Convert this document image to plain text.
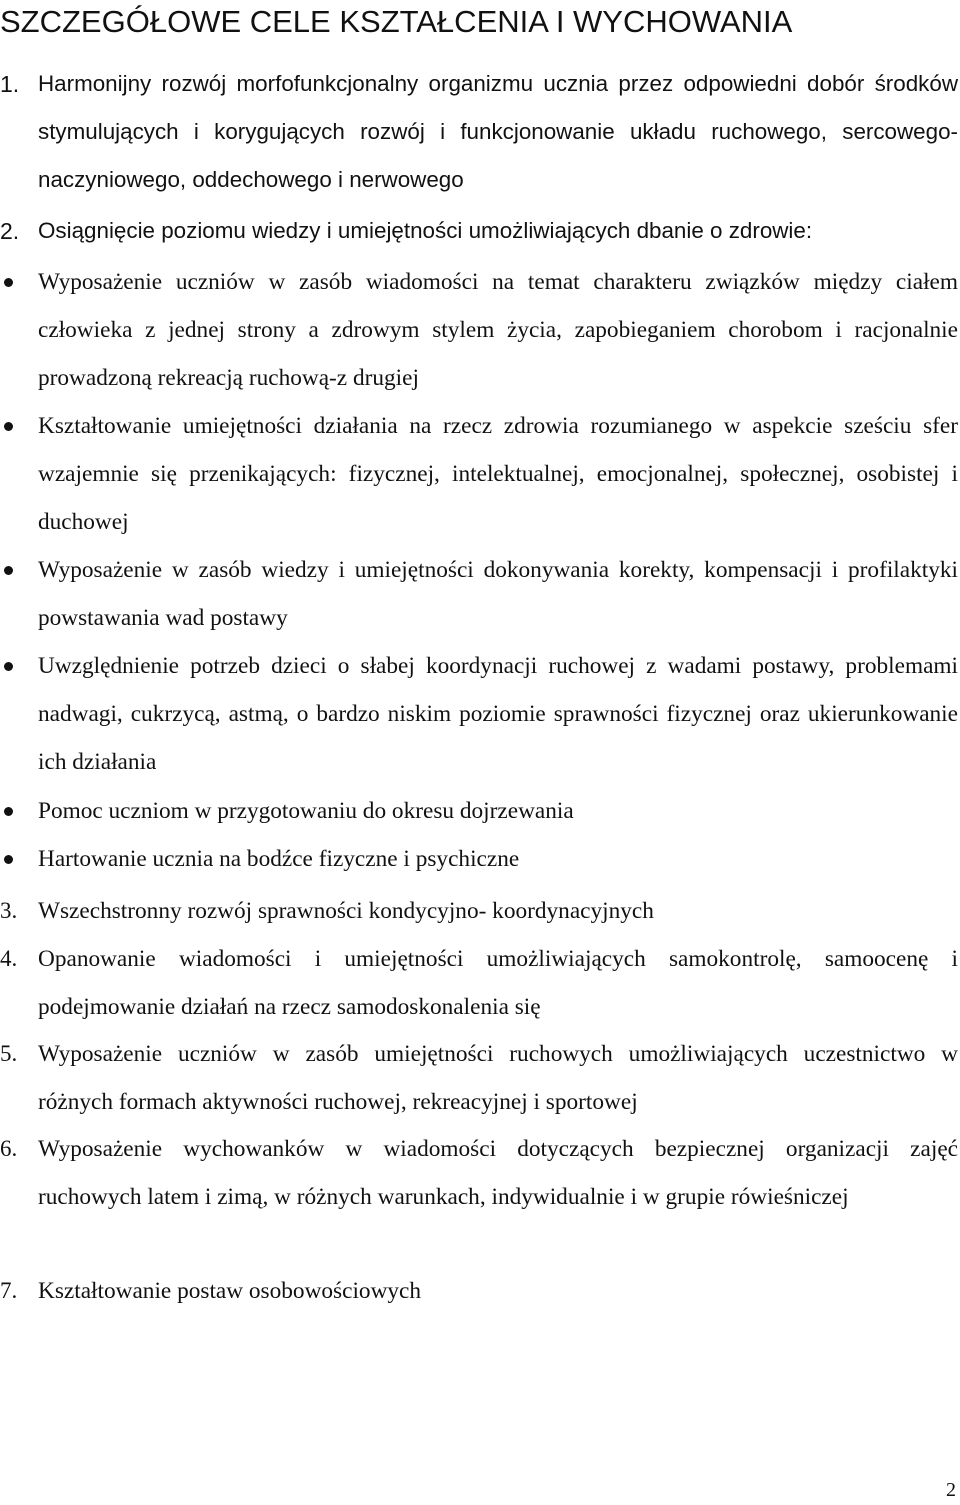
SZCZEGÓŁOWE CELE KSZTAŁCENIA I WYCHOWANIA
1. Harmonijny rozwój morfofunkcjonalny organizmu ucznia przez odpowiedni dobór środków stymulujących i korygujących rozwój i funkcjonowanie układu ruchowego, sercowego-naczyniowego, oddechowego i nerwowego
2. Osiągnięcie poziomu wiedzy i umiejętności umożliwiających dbanie o zdrowie:
Wyposażenie uczniów w zasób wiadomości na temat charakteru związków między ciałem człowieka z jednej strony a zdrowym stylem życia, zapobieganiem chorobom i racjonalnie prowadzoną rekreacją ruchową-z drugiej
Kształtowanie umiejętności działania na rzecz zdrowia rozumianego w aspekcie sześciu sfer wzajemnie się przenikających: fizycznej, intelektualnej, emocjonalnej, społecznej, osobistej i duchowej
Wyposażenie w zasób wiedzy i umiejętności dokonywania korekty, kompensacji i profilaktyki powstawania wad postawy
Uwzględnienie potrzeb dzieci o słabej koordynacji ruchowej z wadami postawy, problemami nadwagi, cukrzycą, astmą, o bardzo niskim poziomie sprawności fizycznej oraz ukierunkowanie ich działania
Pomoc uczniom w przygotowaniu do okresu dojrzewania
Hartowanie ucznia na bodźce fizyczne i psychiczne
3. Wszechstronny rozwój sprawności kondycyjno- koordynacyjnych
4. Opanowanie wiadomości i umiejętności umożliwiających samokontrolę, samoocenę i podejmowanie działań na rzecz samodoskonalenia się
5. Wyposażenie uczniów w zasób umiejętności ruchowych umożliwiających uczestnictwo w różnych formach aktywności ruchowej, rekreacyjnej i sportowej
6. Wyposażenie wychowanków w wiadomości dotyczących bezpiecznej organizacji zajęć ruchowych latem i zimą, w różnych warunkach, indywidualnie i w grupie rówieśniczej
7. Kształtowanie postaw osobowościowych
2
